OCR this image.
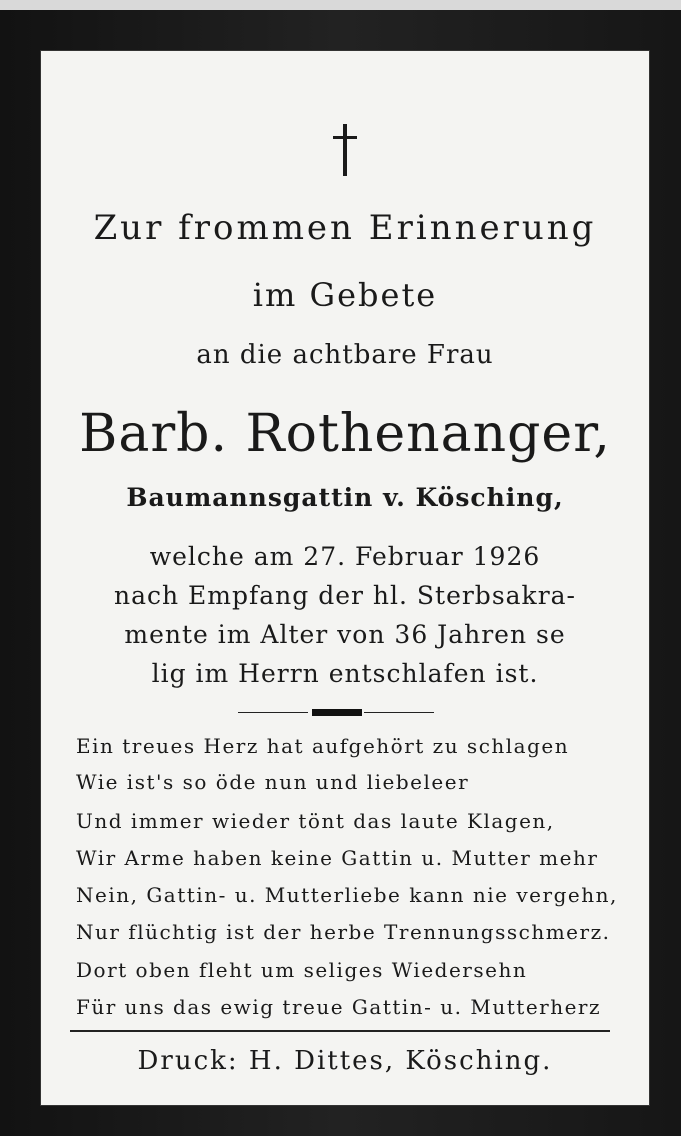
Zur frommen Erinnerung
im Gebete
an die achtbare Frau
Barb. Rothenanger,
Baumannsgattin v. Kösching,
welche am 27. Februar 1926
nach Empfang der hl. Sterbsakra-
mente im Alter von 36 Jahren se
lig im Herrn entschlafen ist.
Ein treues Herz hat aufgehört zu schlagen
Wie ist's so öde nun und liebeleer
Und immer wieder tönt das laute Klagen,
Wir Arme haben keine Gattin u. Mutter mehr
Nein, Gattin- u. Mutterliebe kann nie vergehn,
Nur flüchtig ist der herbe Trennungsschmerz.
Dort oben fleht um seliges Wiedersehn
Für uns das ewig treue Gattin- u. Mutterherz
Druck: H. Dittes, Kösching.
